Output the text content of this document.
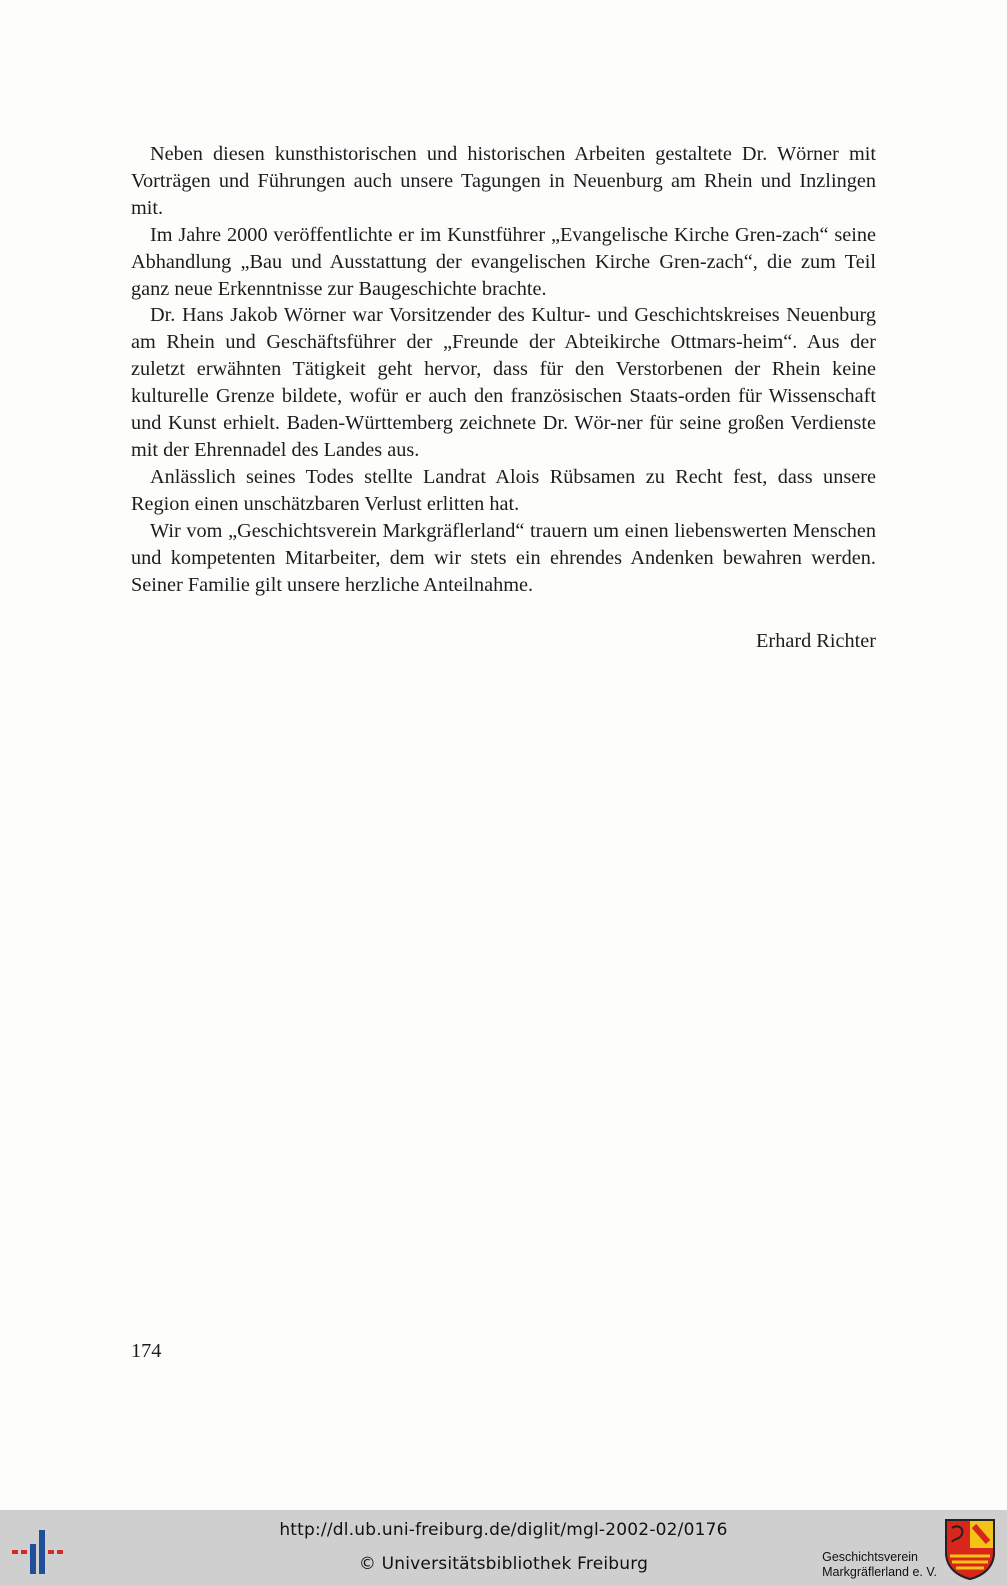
Neben diesen kunsthistorischen und historischen Arbeiten gestaltete Dr. Wörner mit Vorträgen und Führungen auch unsere Tagungen in Neuenburg am Rhein und Inzlingen mit.

Im Jahre 2000 veröffentlichte er im Kunstführer „Evangelische Kirche Gren-zach“ seine Abhandlung „Bau und Ausstattung der evangelischen Kirche Gren-zach“, die zum Teil ganz neue Erkenntnisse zur Baugeschichte brachte.

Dr. Hans Jakob Wörner war Vorsitzender des Kultur- und Geschichtskreises Neuenburg am Rhein und Geschäftsführer der „Freunde der Abteikirche Ottmars-heim“. Aus der zuletzt erwähnten Tätigkeit geht hervor, dass für den Verstorbenen der Rhein keine kulturelle Grenze bildete, wofür er auch den französischen Staats-orden für Wissenschaft und Kunst erhielt. Baden-Württemberg zeichnete Dr. Wör-ner für seine großen Verdienste mit der Ehrennadel des Landes aus.

Anlässlich seines Todes stellte Landrat Alois Rübsamen zu Recht fest, dass unsere Region einen unschätzbaren Verlust erlitten hat.

Wir vom „Geschichtsverein Markgräflerland“ trauern um einen liebenswerten Menschen und kompetenten Mitarbeiter, dem wir stets ein ehrendes Andenken bewahren werden. Seiner Familie gilt unsere herzliche Anteilnahme.

Erhard Richter
174
http://dl.ub.uni-freiburg.de/diglit/mgl-2002-02/0176
© Universitätsbibliothek Freiburg	Geschichtsverein
Markgräflerland e. V.
